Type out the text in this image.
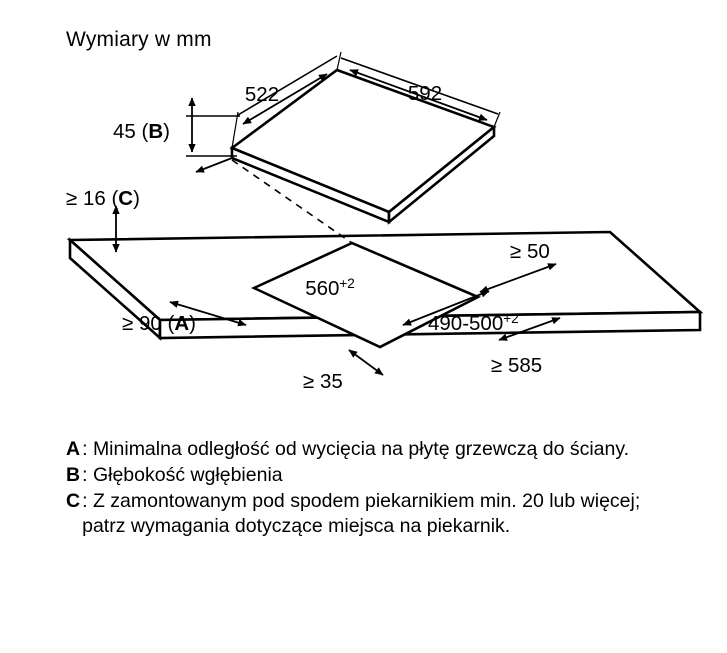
Wymiary w mm
522	592
45 (B)
≥ 16 (C)
≥ 90 (A)
$560^{+2}$
$490-500^{+2}$
≥ 50
≥ 35
≥ 585
A : Minimalna odległość od wycięcia na płytę grzewczą do ściany.
B : Głębokość wgłębienia
C : Z zamontowanym pod spodem piekarnikiem min. 20 lub więcej; patrz wymagania dotyczące miejsca na piekarnik.
